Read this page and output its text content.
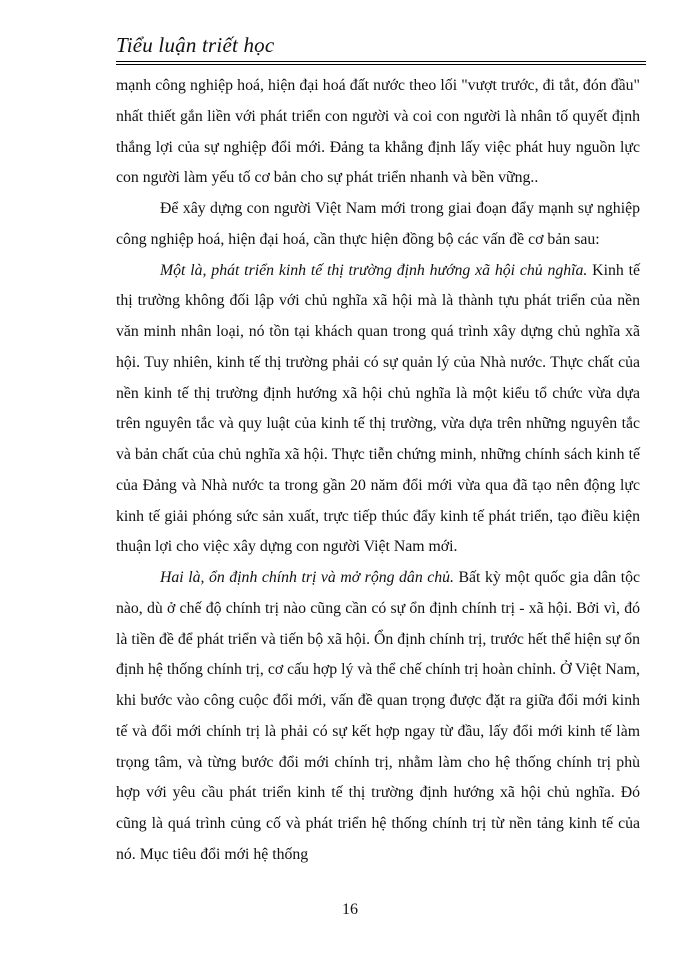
Tiểu luận triết học

mạnh công nghiệp hoá, hiện đại hoá đất nước theo lối "vượt trước, đi tắt, đón đầu" nhất thiết gắn liền với phát triển con người và coi con người là nhân tố quyết định thắng lợi của sự nghiệp đổi mới. Đảng ta khẳng định lấy việc phát huy nguồn lực con người làm yếu tố cơ bản cho sự phát triển nhanh và bền vững..

Để xây dựng con người Việt Nam mới trong giai đoạn đẩy mạnh sự nghiệp công nghiệp hoá, hiện đại hoá, cần thực hiện đồng bộ các vấn đề cơ bản sau:

Một là, phát triển kinh tế thị trường định hướng xã hội chủ nghĩa. Kinh tế thị trường không đối lập với chủ nghĩa xã hội mà là thành tựu phát triển của nền văn minh nhân loại, nó tồn tại khách quan trong quá trình xây dựng chủ nghĩa xã hội. Tuy nhiên, kinh tế thị trường phải có sự quản lý của Nhà nước. Thực chất của nền kinh tế thị trường định hướng xã hội chủ nghĩa là một kiểu tổ chức vừa dựa trên nguyên tắc và quy luật của kinh tế thị trường, vừa dựa trên những nguyên tắc và bản chất của chủ nghĩa xã hội. Thực tiễn chứng minh, những chính sách kinh tế của Đảng và Nhà nước ta trong gần 20 năm đổi mới vừa qua đã tạo nên động lực kinh tế giải phóng sức sản xuất, trực tiếp thúc đẩy kinh tế phát triển, tạo điều kiện thuận lợi cho việc xây dựng con người Việt Nam mới.

Hai là, ổn định chính trị và mở rộng dân chủ. Bất kỳ một quốc gia dân tộc nào, dù ở chế độ chính trị nào cũng cần có sự ổn định chính trị - xã hội. Bởi vì, đó là tiền đề để phát triển và tiến bộ xã hội. Ổn định chính trị, trước hết thể hiện sự ổn định hệ thống chính trị, cơ cấu hợp lý và thể chế chính trị hoàn chỉnh. Ở Việt Nam, khi bước vào công cuộc đổi mới, vấn đề quan trọng được đặt ra giữa đổi mới kinh tế và đổi mới chính trị là phải có sự kết hợp ngay từ đầu, lấy đổi mới kinh tế làm trọng tâm, và từng bước đổi mới chính trị, nhằm làm cho hệ thống chính trị phù hợp với yêu cầu phát triển kinh tế thị trường định hướng xã hội chủ nghĩa. Đó cũng là quá trình củng cố và phát triển hệ thống chính trị từ nền tảng kinh tế của nó. Mục tiêu đổi mới hệ thống

16
